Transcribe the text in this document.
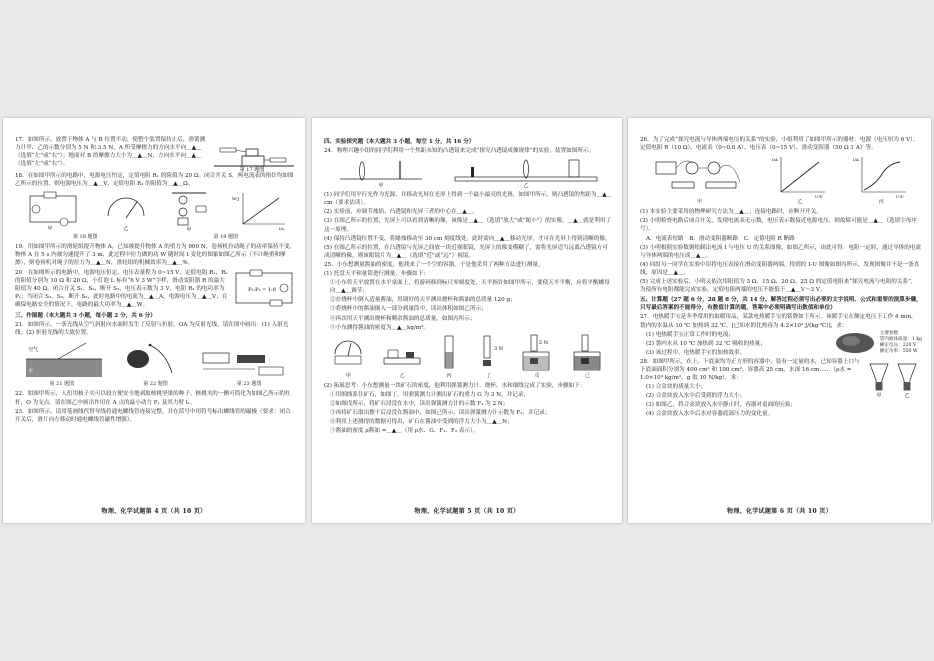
17．如图所示，放置于物体 A 与 B 位置不动，使整个装置保持止后，弹簧测力计甲、乙的示数分别为 5 N 和 3.5 N，A 所受摩擦力的方向水平向＿▲＿（选填“左”或“右”）；地面对 B 的摩擦力大小为＿▲＿N，方向水平向＿▲＿（选填“左”或“右”）。

第 17 题图

18．在如图甲所示的电路中，电源电压恒定，定值电阻 R₁ 的阻值为 20 Ω。闭合开关 S，两电流表的指针均如图乙所示的位置，则电源电压为＿▲＿V，定值电阻 R₂ 的阻值为＿▲＿Ω。

甲	乙	甲
W/J
t/s
第 18 题图	第 19 题图

19．用如图甲所示的滑轮组提升物体 A，已知被提升物体 A 的重力为 900 N，卷扬机拉动绳子的功率保持不变，物体 A 在 5 s 内被匀速提升了 3 m，此过程中拉力做的功 W 随时间 t 变化的图象如图乙所示（不计绳重和摩擦），则卷扬机对绳子的拉力为＿▲＿N，滑轮组的机械效率为＿▲＿%。

20．在如图所示的电路中，电源电压恒定，电压表量程为 0~15 V，定值电阻 R₁、R₂ 的阻值分别为 10 Ω 和 20 Ω，小灯泡 L 标有“6 V 3 W”字样，滑动变阻器 R 的最大阻值为 40 Ω。闭合开关 S₁、S₂，断开 S₃，电压表示数为 3 V，电阻 R₁ 的电功率为 P₁；当闭合 S₁、S₃，断开 S₂，此时电路中的电流为＿▲＿A，电源电压为＿▲＿V；在确保电路安全的情况下，电路的最大功率为＿▲＿W。

P₁:P₂ = 1:8

三、作图题（本大题共 3 小题，每小题 2 分，共 6 分）

21．如图所示，一条光线从空气斜射向水面时发生了反射与折射，OA 为反射光线，请在图中画出：(1) 入射光线；(2) 折射光线的大致位置。

空气
水
第 21 题图	第 22 题图	第 23 题图

22．如图甲所示，人们用核子夹可以较方便安全地剥取核桃坚果的种子。核桃夹的一侧可简化为如图乙所示的杠杆，O 为支点。请在图乙中画出作用在 A 点的最小动力 F₁ 及其力臂 l₁。

23．如图所示，请用笔画线代替导线将通电螺线管连接完整，并在括号中用符号标出螺线管的磁极（要求：闭合开关后，滑片向左移动时通电螺线管磁性增强）。

物理、化学试题第 4 页（共 10 页）

四、实验探究题（本大题共 3 小题，每空 1 分，共 16 分）

24．物理兴趣小组的同学们利用一个焦距未知的凸透镜来完成“探究凸透镜成像规律”的实验，装置如图所示。

甲	乙

(1) 同学们用平行光作为光源，并移动光屏在光屏上得到一个最小最亮的光斑，如图甲所示，则凸透镜的焦距为＿▲＿cm（要求估读）。

(2) 实验前，应调节烛焰、凸透镜和光屏三者的中心在＿▲＿。

(3) 在图乙所示的位置，光屏上可以看到清晰的像，该像是＿▲＿（选填“放大”或“缩小”）的实像，＿▲＿就是利用了这一原理。

(4) 保持凸透镜位置不变，将蜡烛移动至 30 cm 刻度线处，此时需向＿▲＿移动光屏，才可在光屏上得到清晰的像。

(5) 在图乙所示的位置，在凸透镜与光屏之间放一块近视眼镜，光屏上的像变模糊了，需将光屏适当远离凸透镜方可成清晰的像，则该眼镜片为＿▲＿（选填“近”或“远”）视镜。

25．小东想测量酱油的密度，他找来了一个空的容器，于是他采用了两种方法进行测量。

(1) 托盘天平和量筒进行测量，步骤如下：

①小东将天平放置在水平桌面上，将游码移到标尺零刻度处，天平指针如图甲所示，要使天平平衡，应将平衡螺母向＿▲＿调节；

②在烧杯中倒入适量酱油，用调好的天平测出烧杯和酱油的总质量 120 g；

③将烧杯中的酱油倒入一部分到量筒中，读出体积如图乙所示；

④再次用天平测出烧杯和剩余酱油的总质量，如图丙所示；

⑤小东测得酱油的密度为＿▲＿kg/m³。

甲	乙	丙
3 N
丁
2 N
戊	己

(2) 拓展思考：小东想测量一块矿石的密度，他利用弹簧测力计、烧杯、水和细线完成了实验，步骤如下：

①用细线系住矿石，如图丁，用弹簧测力计测出矿石的重力 G 为 3 N，并记录；

②如图戊所示，将矿石浸没在水中，读出弹簧测力计的示数 F₁ 为 2 N；

③再将矿石取出擦干后浸没在酱油中，如图己所示，读出弹簧测力计示数为 F₂，并记录；

④利用上述测得的数据可得出，矿石在酱油中受到的浮力大小为＿▲＿N；

⑤酱油的密度 ρ酱油 =＿▲＿（用 ρ水、G、F₁、F₂ 表示）。

物理、化学试题第 5 页（共 10 页）

26．为了完成“探究电流与导体两端电压的关系”的实验，小组利用了如图甲所示的器材：电源（电压恒为 6 V）、定值电阻 R（10 Ω）、电流表（0~0.6 A）、电压表（0~15 V）、滑动变阻器（50 Ω 1 A）等。

甲
I/A
U/V
乙
I/A
U/V
丙

(1) 本实验主要采用的物理研究方法为＿▲＿；连接电路时，应断开开关。

(2) 小明检查电路后闭合开关，发现电流表无示数，电压表示数接近电源电压，则故障可能是＿▲＿（选填字母序号）。

A．电流表短路　B．滑动变阻器断路　C．定值电阻 R 断路

(3) 小明根据实验数据绘制出电流 I 与电压 U 的关系图像，如图乙所示，由此可得：电阻一定时，通过导体的电流与导体两端的电压成＿▲＿。

(4) 同组另一同学在实验中误将电压表接在滑动变阻器两端，得到的 I-U 图像如图丙所示，发现图像并不是一条直线，原因是＿▲＿。

(5) 完成上述实验后，小明又依次用阻值为 5 Ω、15 Ω、20 Ω、25 Ω 的定值电阻来“探究电流与电阻的关系”，为使所有电阻都能完成实验，定值电阻两端的电压不能低于＿▲＿V～3 V。

五、计算题（27 题 6 分，28 题 8 分，共 14 分。解答过程必须写出必要的文字说明、公式和重要的演算步骤，只写最后答案的不能得分，有数值计算的题，答案中必须明确写出数值和单位）

27．电热暖手宝是冬季常用的取暖用品，某款电热暖手宝的铭牌如下所示。该暖手宝在额定电压下工作 4 min，袋内的水温从 10 ℃ 加热到 32 ℃。[已知水的比热容为 4.2×10³ J/(kg·℃)]，求：

(1) 电热暖手宝正常工作时的电流；

(2) 袋内水从 10 ℃ 加热到 32 ℃ 吸收的热量；

(3) 该过程中，电热暖手宝的加热效率。

主要参数
袋内液体质量：1 kg
额定电压：220 V
额定功率：550 W

28．如图甲所示，在上、下底面均为正方形的容器中，装有一定量的水，已知容器上口与下底面面积分别为 400 cm² 和 100 cm²，容器高 25 cm，水深 16 cm……（ρ水 = 1.0×10³ kg/m³，g 取 10 N/kg），求：

(1) 合金块的质量大小；

(2) 合金块放入水中后受到的浮力大小；

(3) 如图乙，将合金块放入水中静止时，容器对桌面的压强；

(4) 合金块放入水中后水对容器底部压力的变化量。

甲	乙
物理、化学试题第 6 页（共 10 页）
